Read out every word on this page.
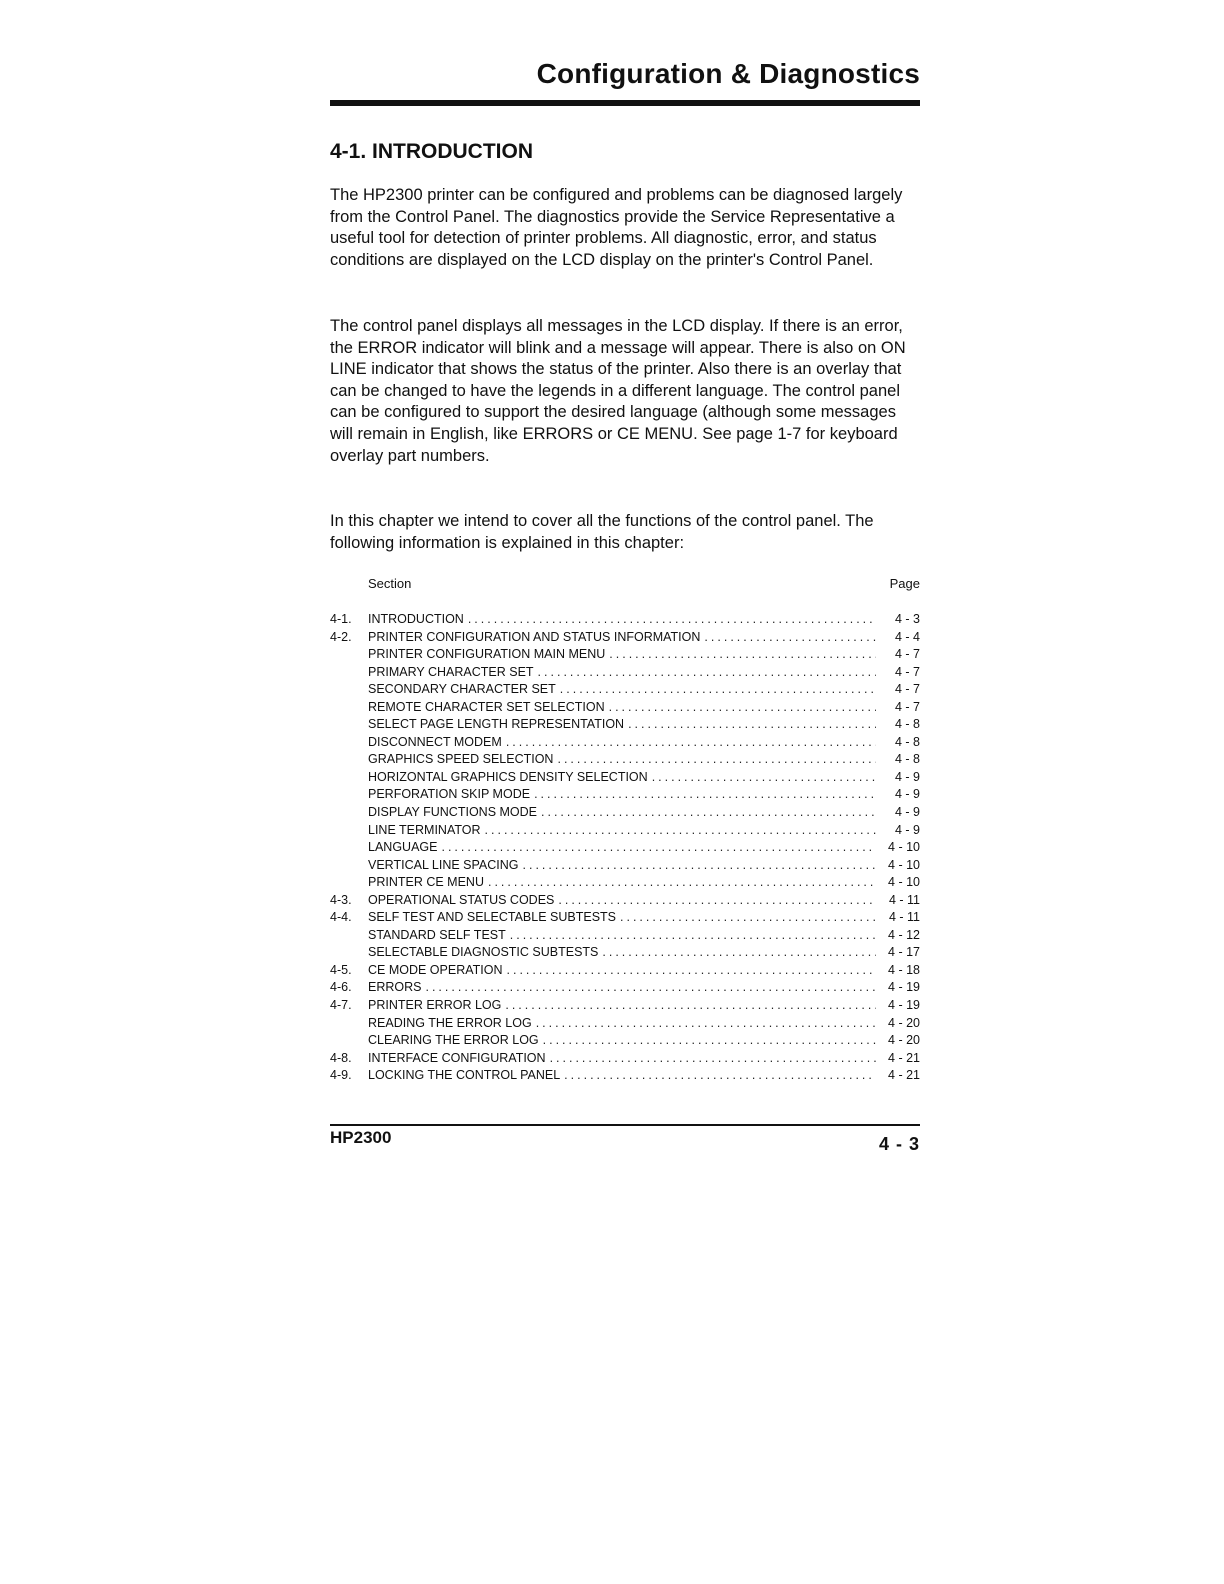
Configuration & Diagnostics
4-1. INTRODUCTION

The HP2300 printer can be configured and problems can be diagnosed largely from the Control Panel. The diagnostics provide the Service Representative a useful tool for detection of printer problems. All diagnostic, error, and status conditions are displayed on the LCD display on the printer's Control Panel.

The control panel displays all messages in the LCD display. If there is an error, the ERROR indicator will blink and a message will appear. There is also on ON LINE indicator that shows the status of the printer. Also there is an overlay that can be changed to have the legends in a different language. The control panel can be configured to support the desired language (although some messages will remain in English, like ERRORS or CE MENU. See page 1-7 for keyboard overlay part numbers.

In this chapter we intend to cover all the functions of the control panel. The following information is explained in this chapter:

Section	Page
4-1.	INTRODUCTION .....	4 - 3
4-2.	PRINTER CONFIGURATION AND STATUS INFORMATION .....	4 - 4
PRINTER CONFIGURATION MAIN MENU .....	4 - 7
PRIMARY CHARACTER SET .....	4 - 7
SECONDARY CHARACTER SET .....	4 - 7
REMOTE CHARACTER SET SELECTION .....	4 - 7
SELECT PAGE LENGTH REPRESENTATION .....	4 - 8
DISCONNECT MODEM .....	4 - 8
GRAPHICS SPEED SELECTION .....	4 - 8
HORIZONTAL GRAPHICS DENSITY SELECTION .....	4 - 9
PERFORATION SKIP MODE .....	4 - 9
DISPLAY FUNCTIONS MODE .....	4 - 9
LINE TERMINATOR .....	4 - 9
LANGUAGE .....	4 - 10
VERTICAL LINE SPACING .....	4 - 10
PRINTER CE MENU .....	4 - 10
4-3.	OPERATIONAL STATUS CODES .....	4 - 11
4-4.	SELF TEST AND SELECTABLE SUBTESTS .....	4 - 11
STANDARD SELF TEST .....	4 - 12
SELECTABLE DIAGNOSTIC SUBTESTS .....	4 - 17
4-5.	CE MODE OPERATION .....	4 - 18
4-6.	ERRORS .....	4 - 19
4-7.	PRINTER ERROR LOG .....	4 - 19
READING THE ERROR LOG .....	4 - 20
CLEARING THE ERROR LOG .....	4 - 20
4-8.	INTERFACE CONFIGURATION .....	4 - 21
4-9.	LOCKING THE CONTROL PANEL .....	4 - 21
HP2300	4 - 3
